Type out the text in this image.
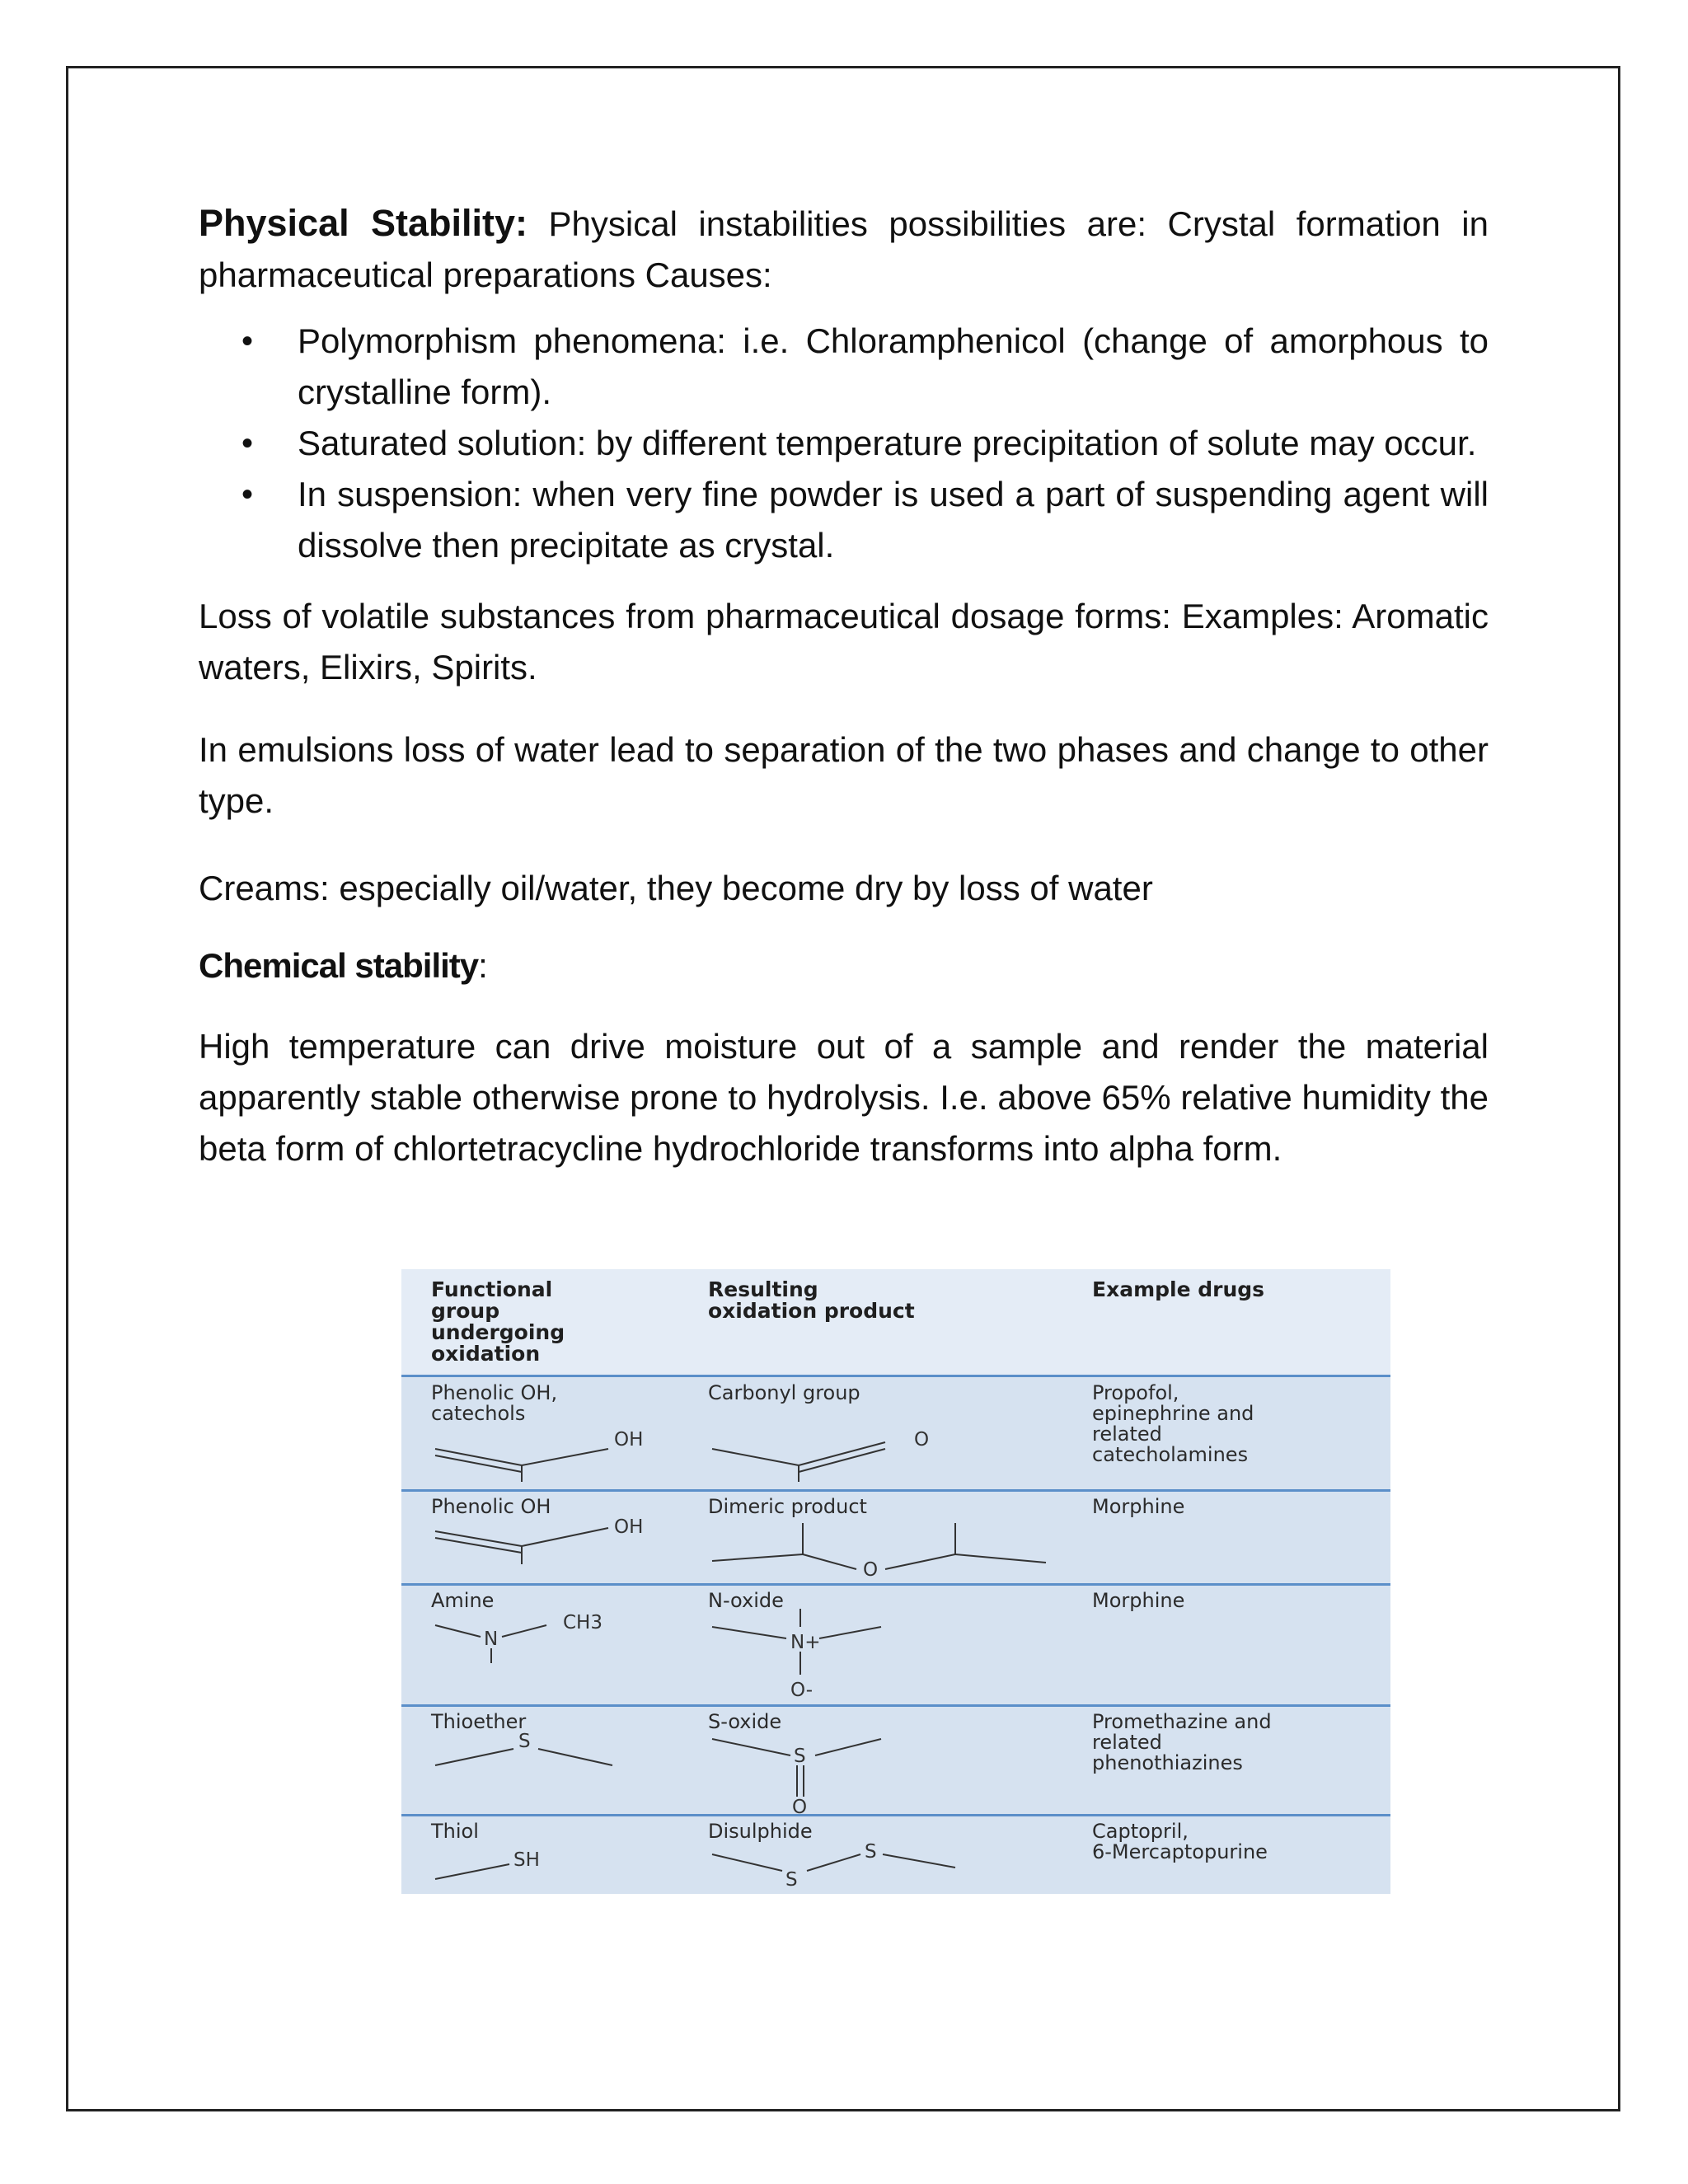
Physical Stability: Physical instabilities possibilities are: Crystal formation in pharmaceutical preparations Causes:

• Polymorphism phenomena: i.e. Chloramphenicol (change of amorphous to crystalline form).
• Saturated solution: by different temperature precipitation of solute may occur.
• In suspension: when very fine powder is used a part of suspending agent will dissolve then precipitate as crystal.

Loss of volatile substances from pharmaceutical dosage forms: Examples: Aromatic waters, Elixirs, Spirits.

In emulsions loss of water lead to separation of the two phases and change to other type.

Creams: especially oil/water, they become dry by loss of water

Chemical stability:

High temperature can drive moisture out of a sample and render the material apparently stable otherwise prone to hydrolysis. I.e. above 65% relative humidity the beta form of chlortetracycline hydrochloride transforms into alpha form.

Functional
group
undergoing
oxidation
Resulting
oxidation product
Example drugs
Phenolic OH,
catechols
OH
Carbonyl group
O
Propofol,
epinephrine and
related
catecholamines
Phenolic OH
OH
Dimeric product
O
Morphine
Amine
N
CH3
N-oxide
N+
O-
Morphine
Thioether
S
S-oxide
S
O
Promethazine and
related
phenothiazines
Thiol
SH
Disulphide
S
S
Captopril,
6-Mercaptopurine
